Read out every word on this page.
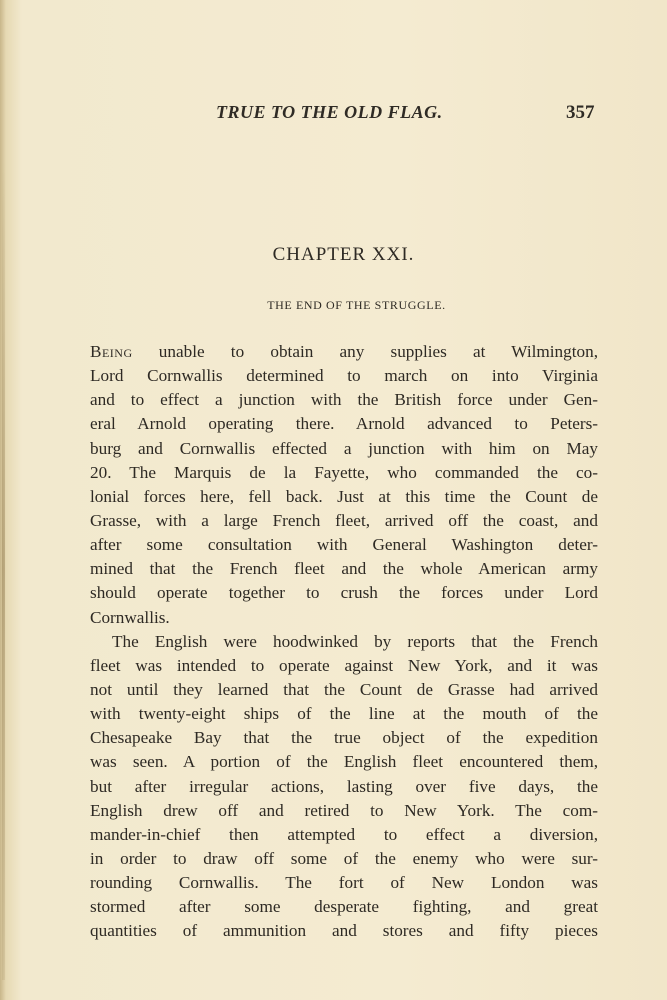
TRUE TO THE OLD FLAG.	357
CHAPTER XXI.
THE END OF THE STRUGGLE.
Being unable to obtain any supplies at Wilmington,
Lord Cornwallis determined to march on into Virginia
and to effect a junction with the British force under Gen-
eral Arnold operating there. Arnold advanced to Peters-
burg and Cornwallis effected a junction with him on May
20. The Marquis de la Fayette, who commanded the co-
lonial forces here, fell back. Just at this time the Count de
Grasse, with a large French fleet, arrived off the coast, and
after some consultation with General Washington deter-
mined that the French fleet and the whole American army
should operate together to crush the forces under Lord
Cornwallis.
The English were hoodwinked by reports that the French
fleet was intended to operate against New York, and it was
not until they learned that the Count de Grasse had arrived
with twenty-eight ships of the line at the mouth of the
Chesapeake Bay that the true object of the expedition
was seen. A portion of the English fleet encountered them,
but after irregular actions, lasting over five days, the
English drew off and retired to New York. The com-
mander-in-chief then attempted to effect a diversion,
in order to draw off some of the enemy who were sur-
rounding Cornwallis. The fort of New London was
stormed after some desperate fighting, and great
quantities of ammunition and stores and fifty pieces
